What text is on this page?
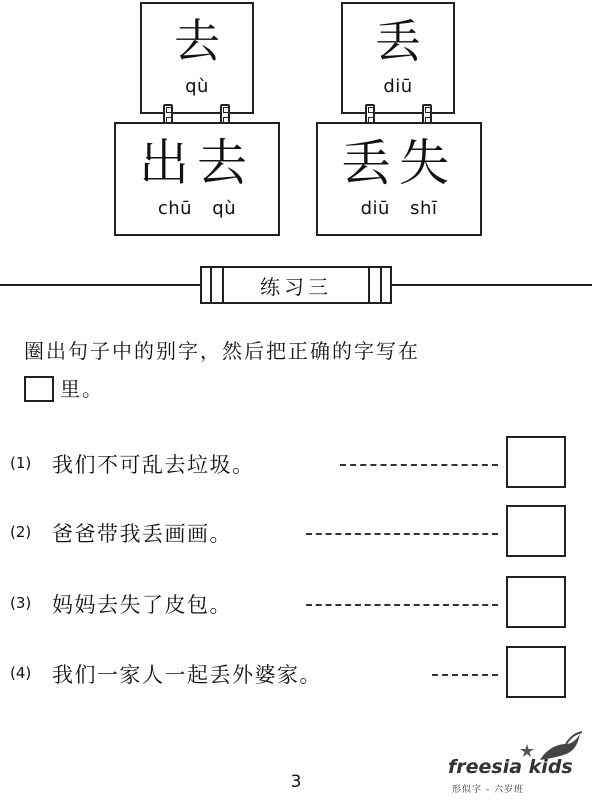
去
qù
丢
diū
出去
chū qù
丢失
diū shī
练习三
圈出句子中的别字，然后把正确的字写在
里。
(1) 我们不可乱去垃圾。
(2) 爸爸带我丢画画。
(3) 妈妈去失了皮包。
(4) 我们一家人一起丢外婆家。
3
freesia kids
形似字 - 六岁班
